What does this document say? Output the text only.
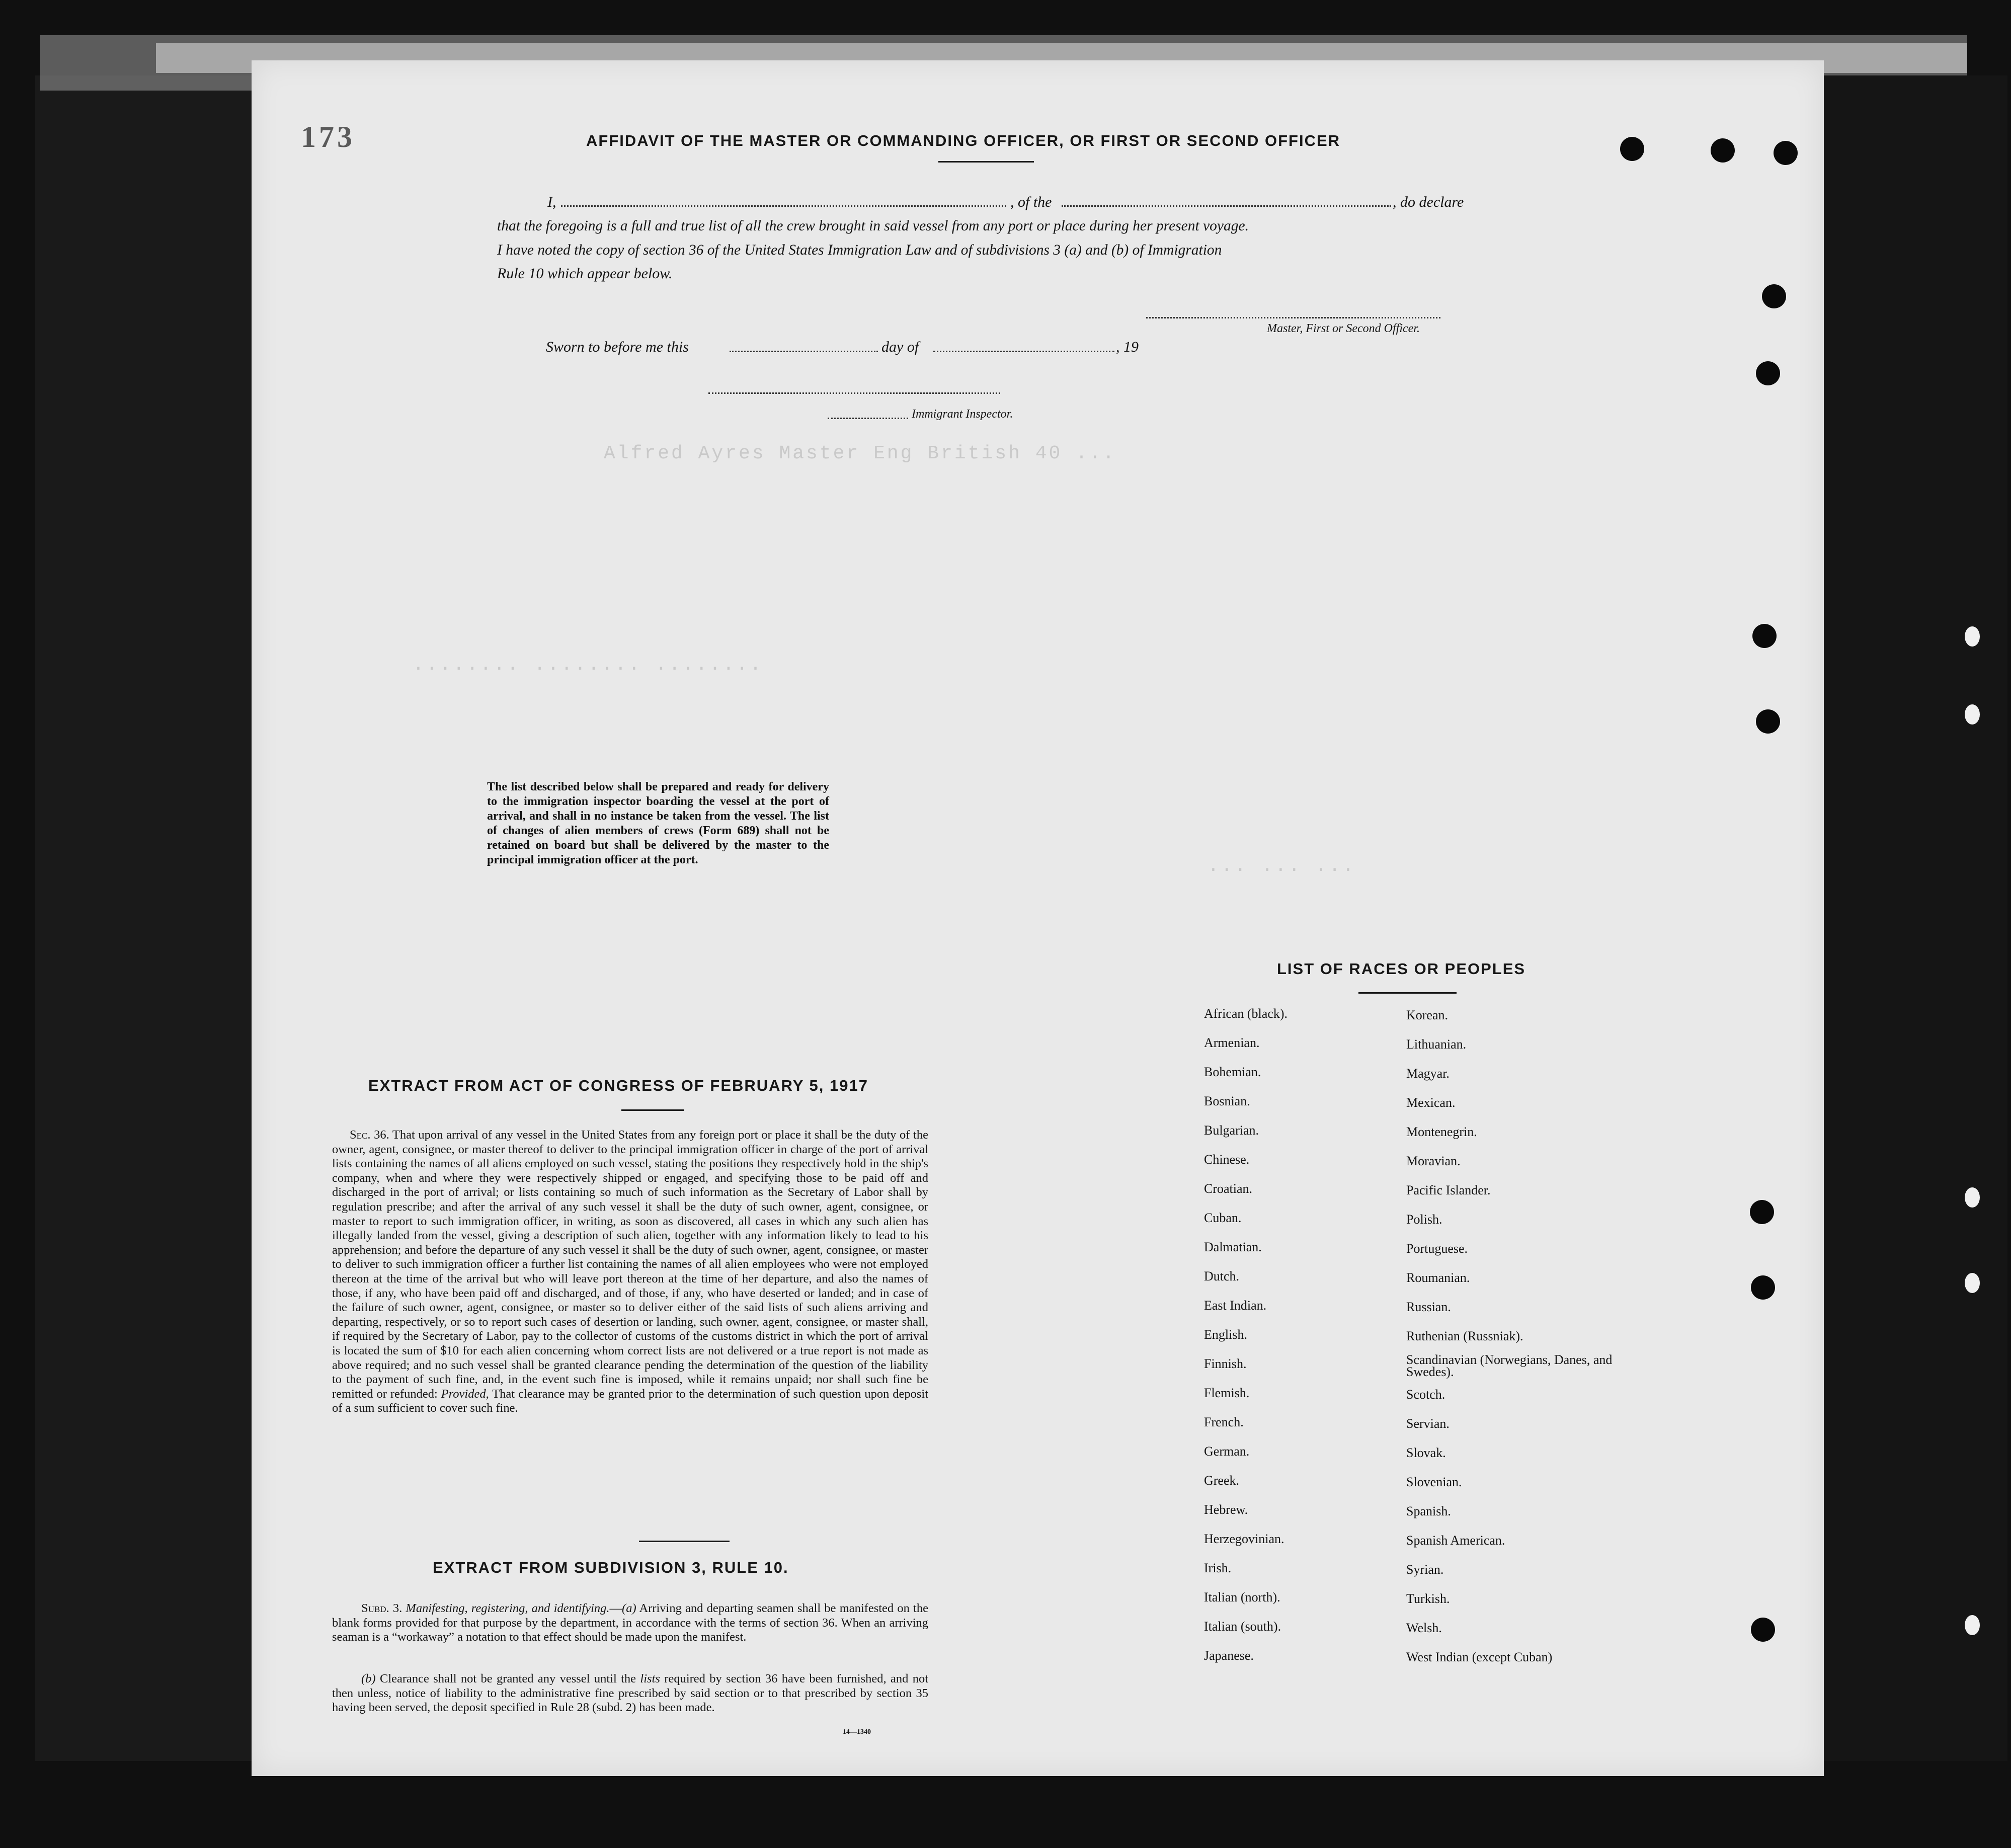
Alfred Ayres Master Eng British 40 ...
........ ........ ........
... ... ...
173	AFFIDAVIT OF THE MASTER OR COMMANDING OFFICER, OR FIRST OR SECOND OFFICER
I,	, of the	, do declare
that the foregoing is a full and true list of all the crew brought in said vessel from any port or place during her present voyage.
I have noted the copy of section 36 of the United States Immigration Law and of subdivisions 3 (a) and (b) of Immigration
Rule 10 which appear below.
Master, First or Second Officer.
Sworn to before me this	day of	, 19
Immigrant Inspector.
The list described below shall be prepared and ready for delivery to the immigration inspector boarding the vessel at the port of arrival, and shall in no instance be taken from the vessel. The list of changes of alien members of crews (Form 689) shall not be retained on board but shall be delivered by the master to the principal immigration officer at the port.
EXTRACT FROM ACT OF CONGRESS OF FEBRUARY 5, 1917
Sec. 36. That upon arrival of any vessel in the United States from any foreign port or place it shall be the duty of the owner, agent, consignee, or master thereof to deliver to the principal immigration officer in charge of the port of arrival lists containing the names of all aliens employed on such vessel, stating the positions they respectively hold in the ship's company, when and where they were respectively shipped or engaged, and specifying those to be paid off and discharged in the port of arrival; or lists containing so much of such information as the Secretary of Labor shall by regulation prescribe; and after the arrival of any such vessel it shall be the duty of such owner, agent, consignee, or master to report to such immigration officer, in writing, as soon as discovered, all cases in which any such alien has illegally landed from the vessel, giving a description of such alien, together with any information likely to lead to his apprehension; and before the departure of any such vessel it shall be the duty of such owner, agent, consignee, or master to deliver to such immigration officer a further list containing the names of all alien employees who were not employed thereon at the time of the arrival but who will leave port thereon at the time of her departure, and also the names of those, if any, who have been paid off and discharged, and of those, if any, who have deserted or landed; and in case of the failure of such owner, agent, consignee, or master so to deliver either of the said lists of such aliens arriving and departing, respectively, or so to report such cases of desertion or landing, such owner, agent, consignee, or master shall, if required by the Secretary of Labor, pay to the collector of customs of the customs district in which the port of arrival is located the sum of $10 for each alien concerning whom correct lists are not delivered or a true report is not made as above required; and no such vessel shall be granted clearance pending the determination of the question of the liability to the payment of such fine, and, in the event such fine is imposed, while it remains unpaid; nor shall such fine be remitted or refunded: Provided, That clearance may be granted prior to the determination of such question upon deposit of a sum sufficient to cover such fine.
EXTRACT FROM SUBDIVISION 3, RULE 10.
Subd. 3. Manifesting, registering, and identifying.—(a) Arriving and departing seamen shall be manifested on the blank forms provided for that purpose by the department, in accordance with the terms of section 36. When an arriving seaman is a “workaway” a notation to that effect should be made upon the manifest.
(b) Clearance shall not be granted any vessel until the lists required by section 36 have been furnished, and not then unless, notice of liability to the administrative fine prescribed by said section or to that prescribed by section 35 having been served, the deposit specified in Rule 28 (subd. 2) has been made.
14—1340
LIST OF RACES OR PEOPLES
African (black).
Armenian.
Bohemian.
Bosnian.
Bulgarian.
Chinese.
Croatian.
Cuban.
Dalmatian.
Dutch.
East Indian.
English.
Finnish.
Flemish.
French.
German.
Greek.
Hebrew.
Herzegovinian.
Irish.
Italian (north).
Italian (south).
Japanese.
Korean.
Lithuanian.
Magyar.
Mexican.
Montenegrin.
Moravian.
Pacific Islander.
Polish.
Portuguese.
Roumanian.
Russian.
Ruthenian (Russniak).
Scandinavian (Norwegians, Danes, and Swedes).
Scotch.
Servian.
Slovak.
Slovenian.
Spanish.
Spanish American.
Syrian.
Turkish.
Welsh.
West Indian (except Cuban)
